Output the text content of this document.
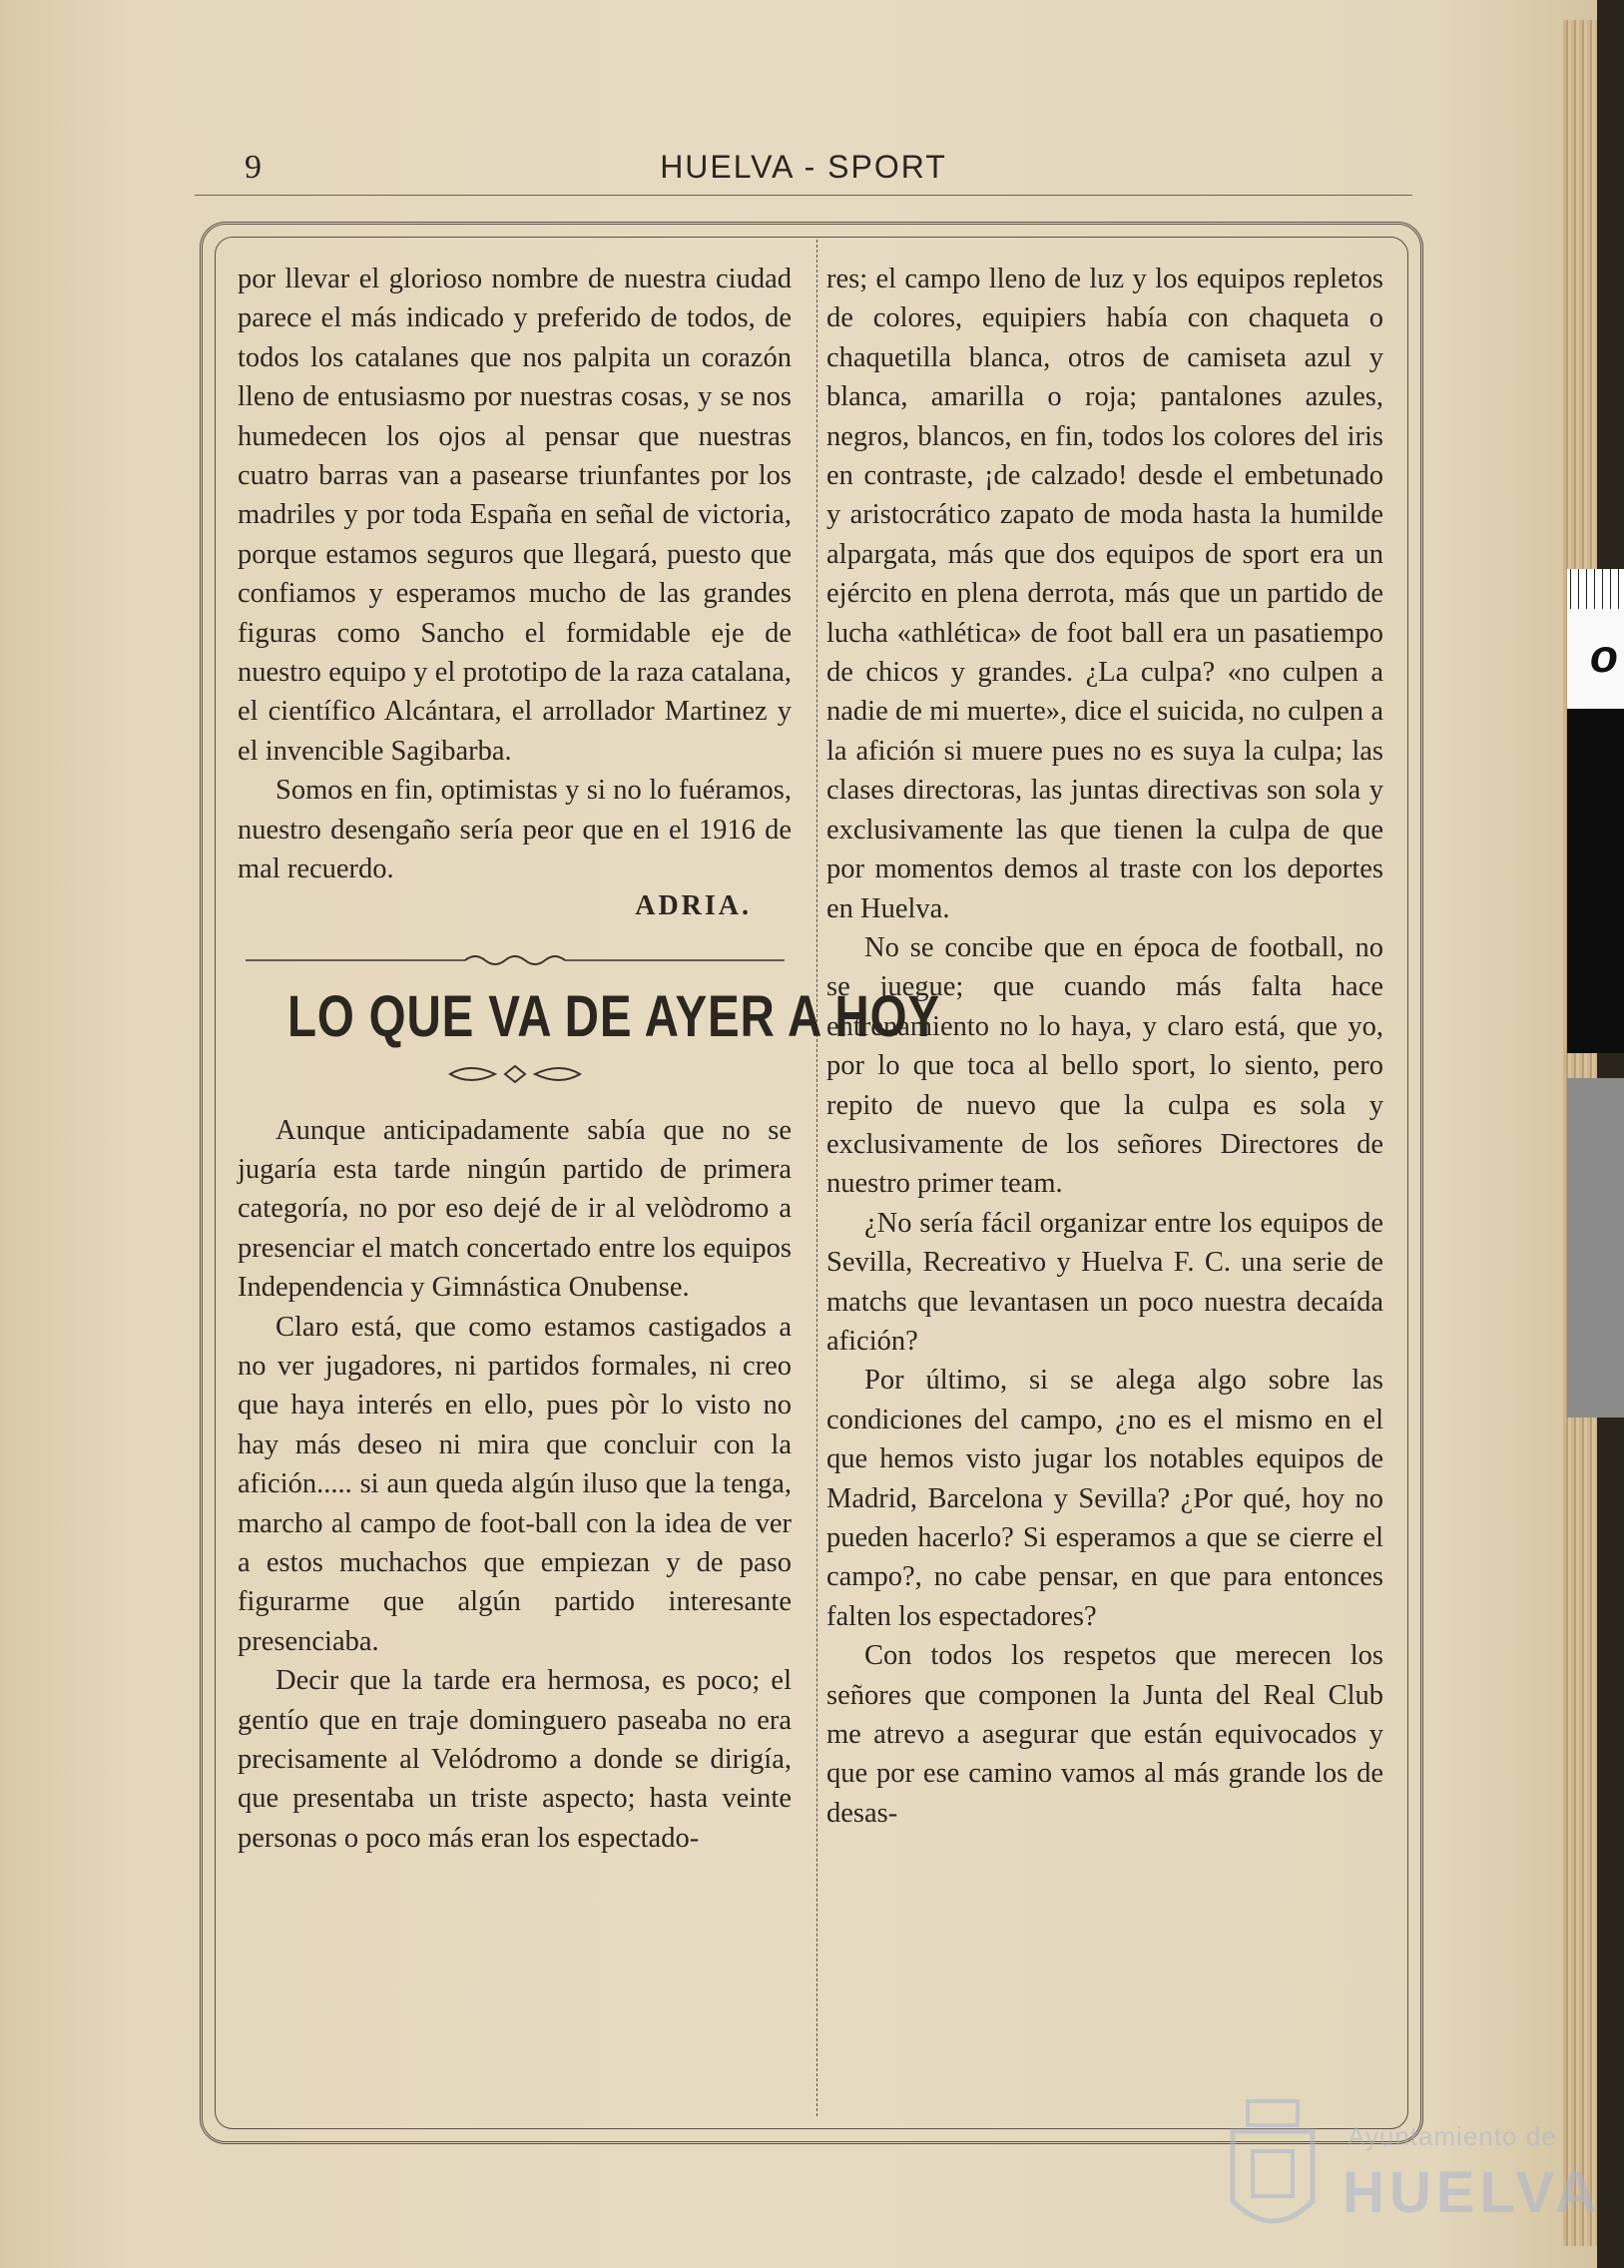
o
9	HUELVA - SPORT

por llevar el glorioso nombre de nuestra ciudad parece el más indicado y preferido de todos, de todos los catalanes que nos palpita un corazón lleno de entusiasmo por nuestras cosas, y se nos humedecen los ojos al pensar que nuestras cuatro barras van a pasearse triunfantes por los madriles y por toda España en señal de victoria, porque estamos seguros que llegará, puesto que confiamos y esperamos mucho de las grandes figuras como Sancho el formidable eje de nuestro equipo y el prototipo de la raza catalana, el científico Alcántara, el arrollador Martinez y el invencible Sagibarba.

Somos en fin, optimistas y si no lo fuéramos, nuestro desengaño sería peor que en el 1916 de mal recuerdo.

ADRIA.
LO QUE VA DE AYER A HOY

Aunque anticipadamente sabía que no se jugaría esta tarde ningún partido de primera categoría, no por eso dejé de ir al velòdromo a presenciar el match concertado entre los equipos Independencia y Gimnástica Onubense.

Claro está, que como estamos castigados a no ver jugadores, ni partidos formales, ni creo que haya interés en ello, pues pòr lo visto no hay más deseo ni mira que concluir con la afición..... si aun queda algún iluso que la tenga, marcho al campo de foot-ball con la idea de ver a estos muchachos que empiezan y de paso figurarme que algún partido interesante presenciaba.

Decir que la tarde era hermosa, es poco; el gentío que en traje dominguero paseaba no era precisamente al Velódromo a donde se dirigía, que presentaba un triste aspecto; hasta veinte personas o poco más eran los espectado-

res; el campo lleno de luz y los equipos repletos de colores, equipiers había con chaqueta o chaquetilla blanca, otros de camiseta azul y blanca, amarilla o roja; pantalones azules, negros, blancos, en fin, todos los colores del iris en contraste, ¡de calzado! desde el embetunado y aristocrático zapato de moda hasta la humilde alpargata, más que dos equipos de sport era un ejército en plena derrota, más que un partido de lucha «athlética» de foot ball era un pasatiempo de chicos y grandes. ¿La culpa? «no culpen a nadie de mi muerte», dice el suicida, no culpen a la afición si muere pues no es suya la culpa; las clases directoras, las juntas directivas son sola y exclusivamente las que tienen la culpa de que por momentos demos al traste con los deportes en Huelva.

No se concibe que en época de football, no se juegue; que cuando más falta hace entrenamiento no lo haya, y claro está, que yo, por lo que toca al bello sport, lo siento, pero repito de nuevo que la culpa es sola y exclusivamente de los señores Directores de nuestro primer team.

¿No sería fácil organizar entre los equipos de Sevilla, Recreativo y Huelva F. C. una serie de matchs que levantasen un poco nuestra decaída afición?

Por último, si se alega algo sobre las condiciones del campo, ¿no es el mismo en el que hemos visto jugar los notables equipos de Madrid, Barcelona y Sevilla? ¿Por qué, hoy no pueden hacerlo? Si esperamos a que se cierre el campo?, no cabe pensar, en que para entonces falten los espectadores?

Con todos los respetos que merecen los señores que componen la Junta del Real Club me atrevo a asegurar que están equivocados y que por ese camino vamos al más grande los de desas-

Ayuntamiento de
HUELVA
